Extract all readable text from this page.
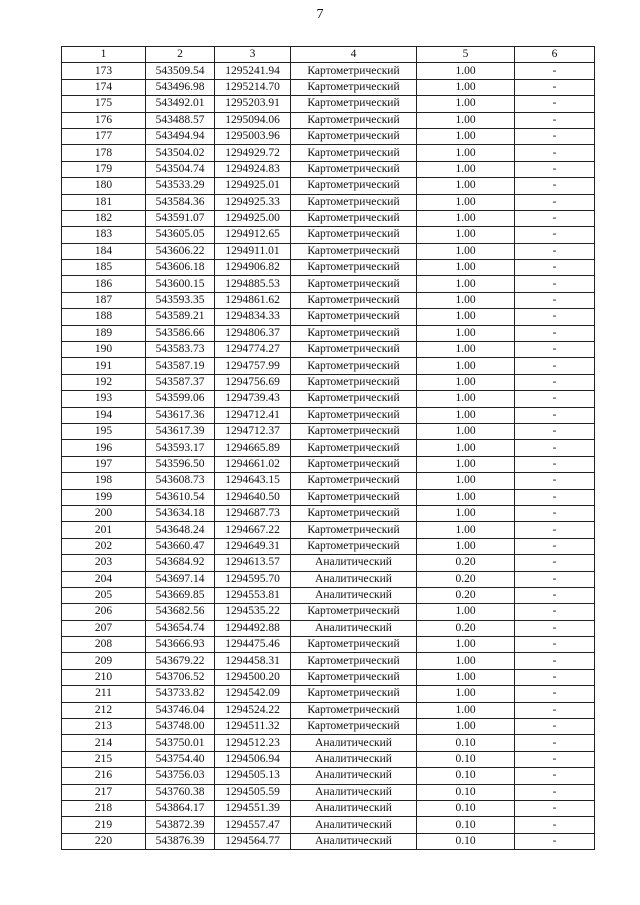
7
1	2	3	4	5	6
173	543509.54	1295241.94	Картометрический	1.00	-
174	543496.98	1295214.70	Картометрический	1.00	-
175	543492.01	1295203.91	Картометрический	1.00	-
176	543488.57	1295094.06	Картометрический	1.00	-
177	543494.94	1295003.96	Картометрический	1.00	-
178	543504.02	1294929.72	Картометрический	1.00	-
179	543504.74	1294924.83	Картометрический	1.00	-
180	543533.29	1294925.01	Картометрический	1.00	-
181	543584.36	1294925.33	Картометрический	1.00	-
182	543591.07	1294925.00	Картометрический	1.00	-
183	543605.05	1294912.65	Картометрический	1.00	-
184	543606.22	1294911.01	Картометрический	1.00	-
185	543606.18	1294906.82	Картометрический	1.00	-
186	543600.15	1294885.53	Картометрический	1.00	-
187	543593.35	1294861.62	Картометрический	1.00	-
188	543589.21	1294834.33	Картометрический	1.00	-
189	543586.66	1294806.37	Картометрический	1.00	-
190	543583.73	1294774.27	Картометрический	1.00	-
191	543587.19	1294757.99	Картометрический	1.00	-
192	543587.37	1294756.69	Картометрический	1.00	-
193	543599.06	1294739.43	Картометрический	1.00	-
194	543617.36	1294712.41	Картометрический	1.00	-
195	543617.39	1294712.37	Картометрический	1.00	-
196	543593.17	1294665.89	Картометрический	1.00	-
197	543596.50	1294661.02	Картометрический	1.00	-
198	543608.73	1294643.15	Картометрический	1.00	-
199	543610.54	1294640.50	Картометрический	1.00	-
200	543634.18	1294687.73	Картометрический	1.00	-
201	543648.24	1294667.22	Картометрический	1.00	-
202	543660.47	1294649.31	Картометрический	1.00	-
203	543684.92	1294613.57	Аналитический	0.20	-
204	543697.14	1294595.70	Аналитический	0.20	-
205	543669.85	1294553.81	Аналитический	0.20	-
206	543682.56	1294535.22	Картометрический	1.00	-
207	543654.74	1294492.88	Аналитический	0.20	-
208	543666.93	1294475.46	Картометрический	1.00	-
209	543679.22	1294458.31	Картометрический	1.00	-
210	543706.52	1294500.20	Картометрический	1.00	-
211	543733.82	1294542.09	Картометрический	1.00	-
212	543746.04	1294524.22	Картометрический	1.00	-
213	543748.00	1294511.32	Картометрический	1.00	-
214	543750.01	1294512.23	Аналитический	0.10	-
215	543754.40	1294506.94	Аналитический	0.10	-
216	543756.03	1294505.13	Аналитический	0.10	-
217	543760.38	1294505.59	Аналитический	0.10	-
218	543864.17	1294551.39	Аналитический	0.10	-
219	543872.39	1294557.47	Аналитический	0.10	-
220	543876.39	1294564.77	Аналитический	0.10	-
